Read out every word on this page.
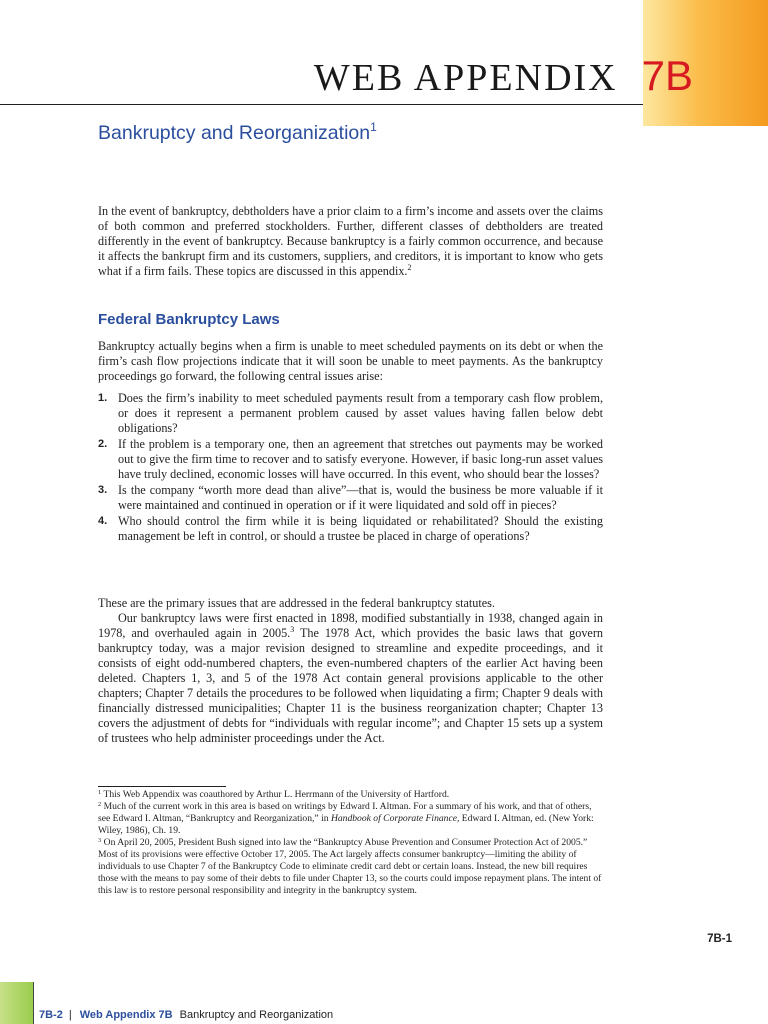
WEB APPENDIX 7B
Bankruptcy and Reorganization$^1$

In the event of bankruptcy, debtholders have a prior claim to a firm’s income and assets over the claims of both common and preferred stockholders. Further, different classes of debtholders are treated differently in the event of bankruptcy. Because bankruptcy is a fairly common occurrence, and because it affects the bankrupt firm and its customers, suppliers, and creditors, it is important to know who gets what if a firm fails. These topics are discussed in this appendix.$^2$

Federal Bankruptcy Laws

Bankruptcy actually begins when a firm is unable to meet scheduled payments on its debt or when the firm’s cash flow projections indicate that it will soon be unable to meet payments. As the bankruptcy proceedings go forward, the following central issues arise:

1. Does the firm’s inability to meet scheduled payments result from a temporary cash flow problem, or does it represent a permanent problem caused by asset values having fallen below debt obligations?
2. If the problem is a temporary one, then an agreement that stretches out payments may be worked out to give the firm time to recover and to satisfy everyone. However, if basic long-run asset values have truly declined, economic losses will have occurred. In this event, who should bear the losses?
3. Is the company “worth more dead than alive”—that is, would the business be more valuable if it were maintained and continued in operation or if it were liquidated and sold off in pieces?
4. Who should control the firm while it is being liquidated or rehabilitated? Should the existing management be left in control, or should a trustee be placed in charge of operations?

These are the primary issues that are addressed in the federal bankruptcy statutes.

Our bankruptcy laws were first enacted in 1898, modified substantially in 1938, changed again in 1978, and overhauled again in 2005.$^3$ The 1978 Act, which provides the basic laws that govern bankruptcy today, was a major revision designed to streamline and expedite proceedings, and it consists of eight odd-numbered chapters, the even-numbered chapters of the earlier Act having been deleted. Chapters 1, 3, and 5 of the 1978 Act contain general provisions applicable to the other chapters; Chapter 7 details the procedures to be followed when liquidating a firm; Chapter 9 deals with financially distressed municipalities; Chapter 11 is the business reorganization chapter; Chapter 13 covers the adjustment of debts for “individuals with regular income”; and Chapter 15 sets up a system of trustees who help administer proceedings under the Act.

$^1$ This Web Appendix was coauthored by Arthur L. Herrmann of the University of Hartford.

$^2$ Much of the current work in this area is based on writings by Edward I. Altman. For a summary of his work, and that of others, see Edward I. Altman, “Bankruptcy and Reorganization,” in Handbook of Corporate Finance, Edward I. Altman, ed. (New York: Wiley, 1986), Ch. 19.

$^3$ On April 20, 2005, President Bush signed into law the “Bankruptcy Abuse Prevention and Consumer Protection Act of 2005.” Most of its provisions were effective October 17, 2005. The Act largely affects consumer bankruptcy—limiting the ability of individuals to use Chapter 7 of the Bankruptcy Code to eliminate credit card debt or certain loans. Instead, the new bill requires those with the means to pay some of their debts to file under Chapter 13, so the courts could impose repayment plans. The intent of this law is to restore personal responsibility and integrity in the bankruptcy system.

7B-1
7B-2 | Web Appendix 7B Bankruptcy and Reorganization
